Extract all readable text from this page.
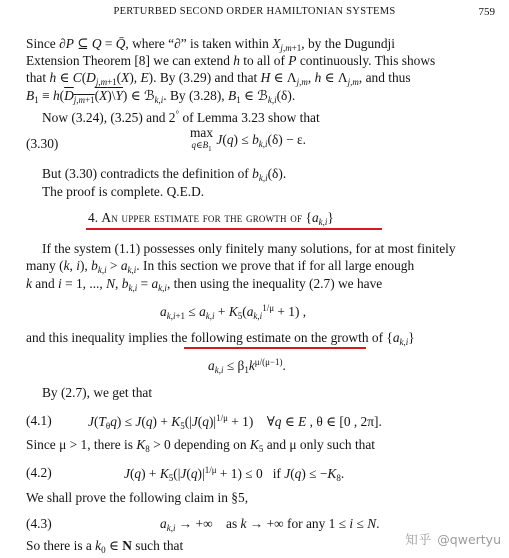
PERTURBED SECOND ORDER HAMILTONIAN SYSTEMS	759
Since ∂P ⊆ Q = Q̄, where “∂” is taken within $X_{j,m+1}$, by the Dugundji
Extension Theorem [8] we can extend h to all of P continuously. This shows
that h ∈ $C(D_{j,m+1}(X)$, E). By (3.29) and that H ∈ $\Lambda_{j,m}$, h ∈ $\Lambda_{j,m}$, and thus
$B_1$ ≡ $h(D_{j,m+1}(X)\backslash Y)$ ∈ ℬ$_{k,i}$. By (3.28), $B_1$ ∈ ℬ$_{k,i}$(δ).
Now (3.24), (3.25) and 2° of Lemma 3.23 show that
(3.30)
max
$q\in B_1$
$J(q) \le b_{k,i}(\delta) - \varepsilon$.
But (3.30) contradicts the definition of $b_{k,i}(\delta)$.
The proof is complete. Q.E.D.
4. An upper estimate for the growth of $\{a_{k,i}\}$
If the system (1.1) possesses only finitely many solutions, for at most finitely
many (k, i), $b_{k,i} > a_{k,i}$. In this section we prove that if for all large enough
k and i = 1, ..., N, $b_{k,i} = a_{k,i}$, then using the inequality (2.7) we have
$a_{k,i+1} \le a_{k,i} + K_5(a_{k,i}^{1/\mu} + 1)$ ,
and this inequality implies the following estimate on the growth of $\{a_{k,i}\}$
$a_{k,i} \le \beta_1k^{\mu/(\mu-1)}$.
By (2.7), we get that
(4.1)	$J(T_\theta q) \le J(q) + K_5(|J(q)|^{1/\mu} + 1)$    ∀q ∈ E , θ ∈ [0 , 2π].
Since μ > 1, there is $K_8 > 0$ depending on $K_5$ and μ only such that
(4.2)	$J(q) + K_5(|J(q)|^{1/\mu} + 1) \le 0$   if $J(q) \le -K_8$.
We shall prove the following claim in §5,
(4.3)	$a_{k,i}$ → +∞    as k → +∞ for any 1 ≤ i ≤ N.
So there is a $k_0$ ∈ N such that	知乎 @qwertyu
